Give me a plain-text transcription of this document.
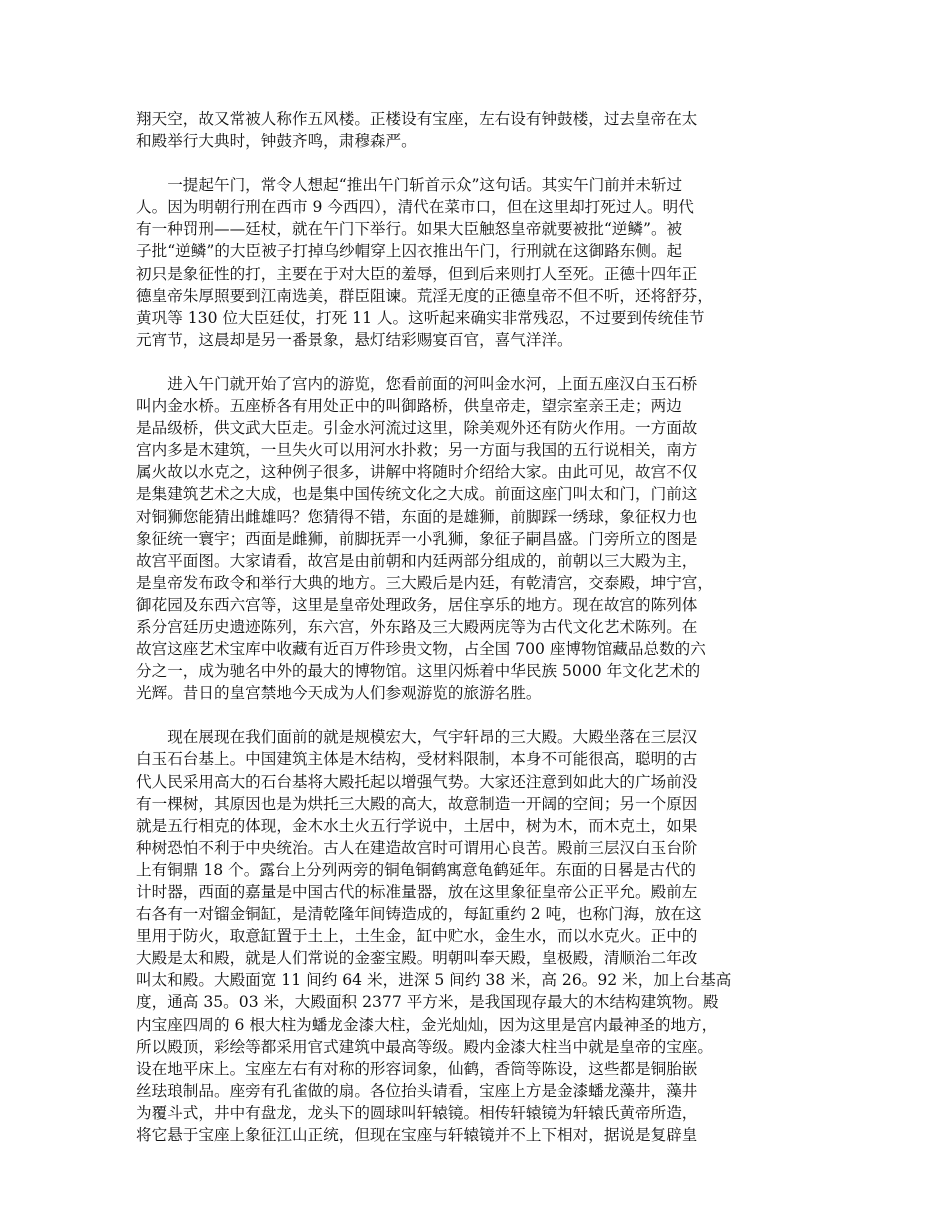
翔天空，故又常被人称作五风楼。正楼设有宝座，左右设有钟鼓楼，过去皇帝在太
和殿举行大典时，钟鼓齐鸣，肃穆森严。
一提起午门，常令人想起“推出午门斩首示众”这句话。其实午门前并未斩过
人。因为明朝行刑在西市 9 今西四），清代在菜市口，但在这里却打死过人。明代
有一种罚刑——廷杖，就在午门下举行。如果大臣触怒皇帝就要被批“逆鳞”。被
子批“逆鳞”的大臣被子打掉乌纱帽穿上囚衣推出午门，行刑就在这御路东侧。起
初只是象征性的打，主要在于对大臣的羞辱，但到后来则打人至死。正德十四年正
德皇帝朱厚照要到江南选美，群臣阻谏。荒淫无度的正德皇帝不但不听，还将舒芬，
黄巩等 130 位大臣廷仗，打死 11 人。这听起来确实非常残忍，不过要到传统佳节
元宵节，这晨却是另一番景象，悬灯结彩赐宴百官，喜气洋洋。
进入午门就开始了宫内的游览，您看前面的河叫金水河，上面五座汉白玉石桥
叫内金水桥。五座桥各有用处正中的叫御路桥，供皇帝走，望宗室亲王走；两边
是品级桥，供文武大臣走。引金水河流过这里，除美观外还有防火作用。一方面故
宫内多是木建筑，一旦失火可以用河水扑救；另一方面与我国的五行说相关，南方
属火故以水克之，这种例子很多，讲解中将随时介绍给大家。由此可见，故宫不仅
是集建筑艺术之大成，也是集中国传统文化之大成。前面这座门叫太和门，门前这
对铜狮您能猜出雌雄吗？您猜得不错，东面的是雄狮，前脚踩一绣球，象征权力也
象征统一寰宇；西面是雌狮，前脚抚弄一小乳狮，象征子嗣昌盛。门旁所立的图是
故宫平面图。大家请看，故宫是由前朝和内廷两部分组成的，前朝以三大殿为主，
是皇帝发布政令和举行大典的地方。三大殿后是内廷，有乾清宫，交泰殿，坤宁宫，
御花园及东西六宫等，这里是皇帝处理政务，居住享乐的地方。现在故宫的陈列体
系分宫廷历史遗迹陈列，东六宫，外东路及三大殿两庑等为古代文化艺术陈列。在
故宫这座艺术宝库中收藏有近百万件珍贵文物，占全国 700 座博物馆藏品总数的六
分之一，成为驰名中外的最大的博物馆。这里闪烁着中华民族 5000 年文化艺术的
光辉。昔日的皇宫禁地今天成为人们参观游览的旅游名胜。
现在展现在我们面前的就是规模宏大，气宇轩昂的三大殿。大殿坐落在三层汉
白玉石台基上。中国建筑主体是木结构，受材料限制，本身不可能很高，聪明的古
代人民采用高大的石台基将大殿托起以增强气势。大家还注意到如此大的广场前没
有一棵树，其原因也是为烘托三大殿的高大，故意制造一开阔的空间；另一个原因
就是五行相克的体现，金木水土火五行学说中，土居中，树为木，而木克土，如果
种树恐怕不利于中央统治。古人在建造故宫时可谓用心良苦。殿前三层汉白玉台阶
上有铜鼎 18 个。露台上分列两旁的铜龟铜鹤寓意龟鹤延年。东面的日晷是古代的
计时器，西面的嘉量是中国古代的标准量器，放在这里象征皇帝公正平允。殿前左
右各有一对镏金铜缸，是清乾隆年间铸造成的，每缸重约 2 吨，也称门海，放在这
里用于防火，取意缸置于土上，土生金，缸中贮水，金生水，而以水克火。正中的
大殿是太和殿，就是人们常说的金銮宝殿。明朝叫奉天殿，皇极殿，清顺治二年改
叫太和殿。大殿面宽 11 间约 64 米，进深 5 间约 38 米，高 26。92 米，加上台基高
度，通高 35。03 米，大殿面积 2377 平方米，是我国现存最大的木结构建筑物。殿
内宝座四周的 6 根大柱为蟠龙金漆大柱，金光灿灿，因为这里是宫内最神圣的地方，
所以殿顶，彩绘等都采用官式建筑中最高等级。殿内金漆大柱当中就是皇帝的宝座。
设在地平床上。宝座左右有对称的形容词象，仙鹤，香筒等陈设，这些都是铜胎嵌
丝珐琅制品。座旁有孔雀做的扇。各位抬头请看，宝座上方是金漆蟠龙藻井，藻井
为覆斗式，井中有盘龙，龙头下的圆球叫轩辕镜。相传轩辕镜为轩辕氏黄帝所造，
将它悬于宝座上象征江山正统，但现在宝座与轩辕镜并不上下相对，据说是复辟皇
